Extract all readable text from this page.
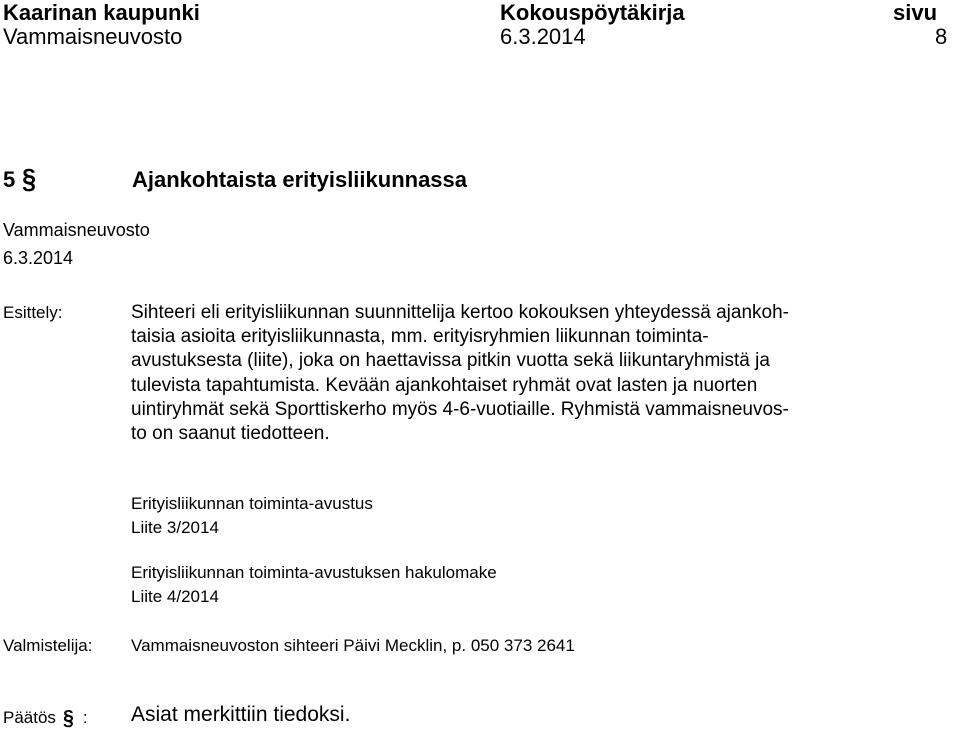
Kaarinan kaupunki	Kokouspöytäkirja	sivu
Vammaisneuvosto	6.3.2014	8
5 §	Ajankohtaista erityisliikunnassa
Vammaisneuvosto
6.3.2014
Esittely:	Sihteeri eli erityisliikunnan suunnittelija kertoo kokouksen yhteydessä ajankoh-
taisia asioita erityisliikunnasta, mm. erityisryhmien liikunnan toiminta-
avustuksesta (liite), joka on haettavissa pitkin vuotta sekä liikuntaryhmistä ja
tulevista tapahtumista. Kevään ajankohtaiset ryhmät ovat lasten ja nuorten
uintiryhmät sekä Sporttiskerho myös 4-6-vuotiaille. Ryhmistä vammaisneuvos-
to on saanut tiedotteen.
Erityisliikunnan toiminta-avustus
Liite 3/2014
Erityisliikunnan toiminta-avustuksen hakulomake
Liite 4/2014
Valmistelija: Vammaisneuvoston sihteeri Päivi Mecklin, p. 050 373 2641
Päätös § : Asiat merkittiin tiedoksi.
